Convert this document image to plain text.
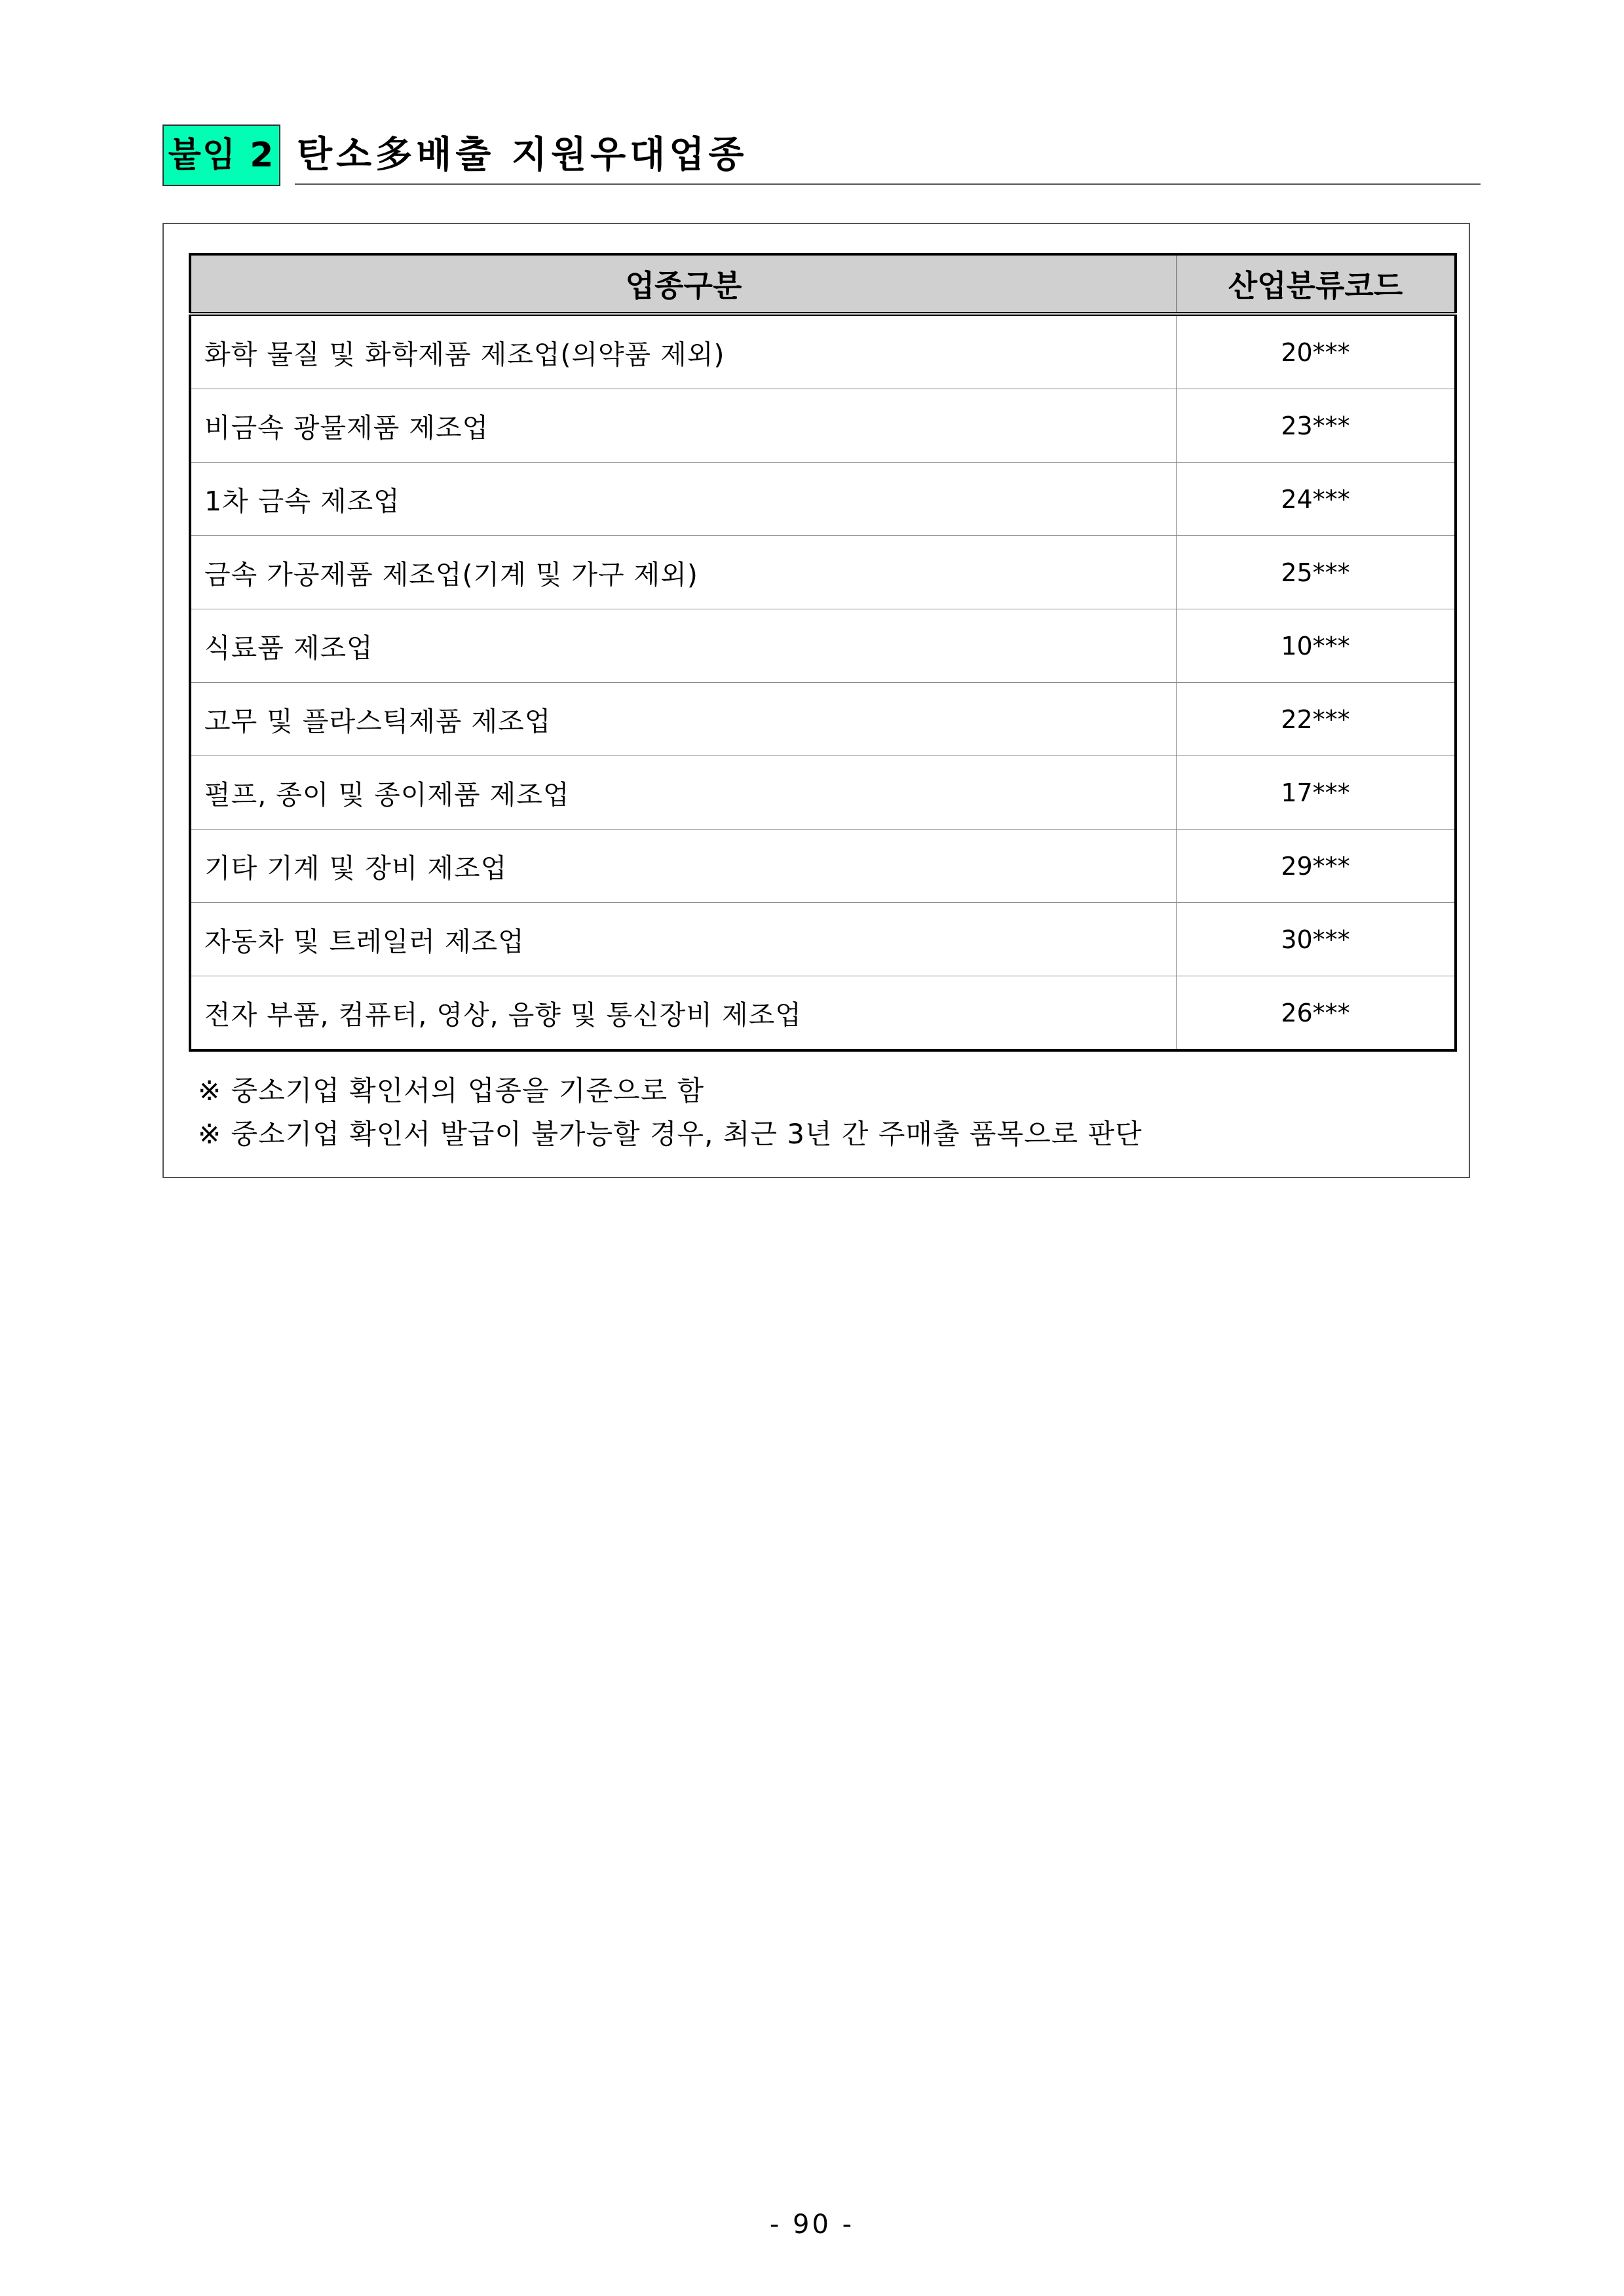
붙임 2 탄소多배출 지원우대업종
업종구분	산업분류코드
화학 물질 및 화학제품 제조업(의약품 제외)	20***
비금속 광물제품 제조업	23***
1차 금속 제조업	24***
금속 가공제품 제조업(기계 및 가구 제외)	25***
식료품 제조업	10***
고무 및 플라스틱제품 제조업	22***
펄프, 종이 및 종이제품 제조업	17***
기타 기계 및 장비 제조업	29***
자동차 및 트레일러 제조업	30***
전자 부품, 컴퓨터, 영상, 음향 및 통신장비 제조업	26***
※ 중소기업 확인서의 업종을 기준으로 함
※ 중소기업 확인서 발급이 불가능할 경우, 최근 3년 간 주매출 품목으로 판단
- 90 -
